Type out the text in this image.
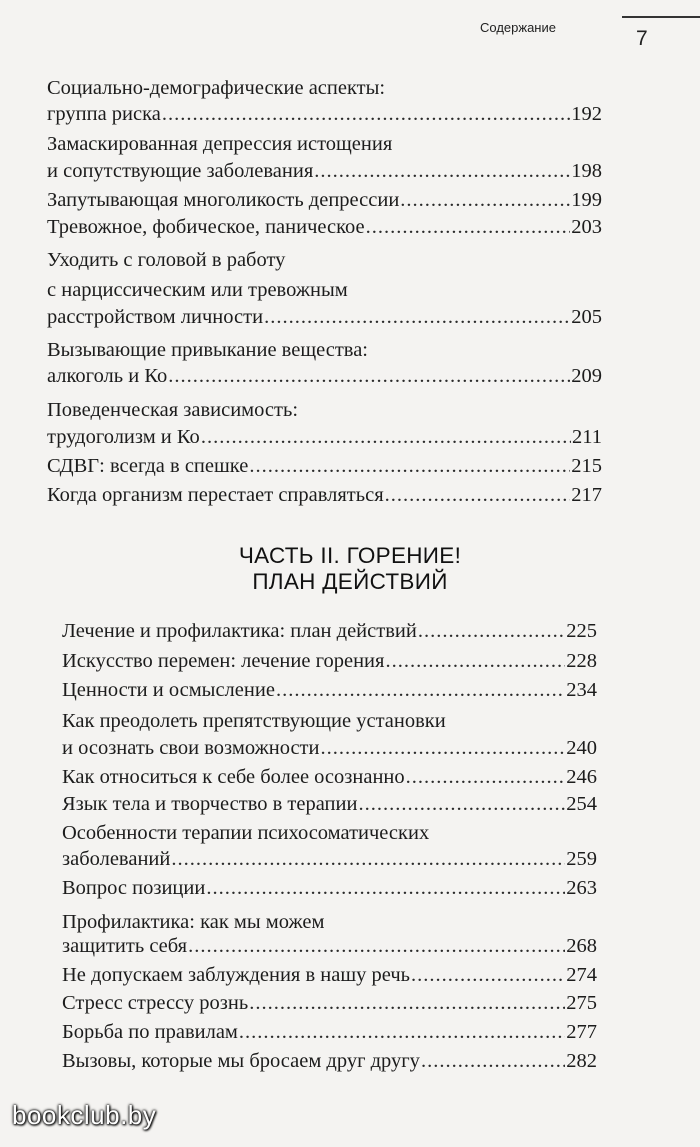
Содержание	7
Социально-демографические аспекты:
группа риска .....	192
Замаскированная депрессия истощения
и сопутствующие заболевания .....	198
Запутывающая многоликость депрессии .....	199
Тревожное, фобическое, паническое .....	203
Уходить с головой в работу
с нарциссическим или тревожным
расстройством личности .....	205
Вызывающие привыкание вещества:
алкоголь и Ко .....	209
Поведенческая зависимость:
трудоголизм и Ко .....	211
СДВГ: всегда в спешке .....	215
Когда организм перестает справляться .....	217
ЧАСТЬ II. ГОРЕНИЕ!
ПЛАН ДЕЙСТВИЙ
Лечение и профилактика: план действий .....	225
Искусство перемен: лечение горения .....	228
Ценности и осмысление .....	234
Как преодолеть препятствующие установки
и осознать свои возможности .....	240
Как относиться к себе более осознанно .....	246
Язык тела и творчество в терапии .....	254
Особенности терапии психосоматических
заболеваний .....	259
Вопрос позиции .....	263
Профилактика: как мы можем
защитить себя .....	268
Не допускаем заблуждения в нашу речь .....	274
Стресс стрессу рознь .....	275
Борьба по правилам .....	277
Вызовы, которые мы бросаем друг другу .....	282
bookclub.by
